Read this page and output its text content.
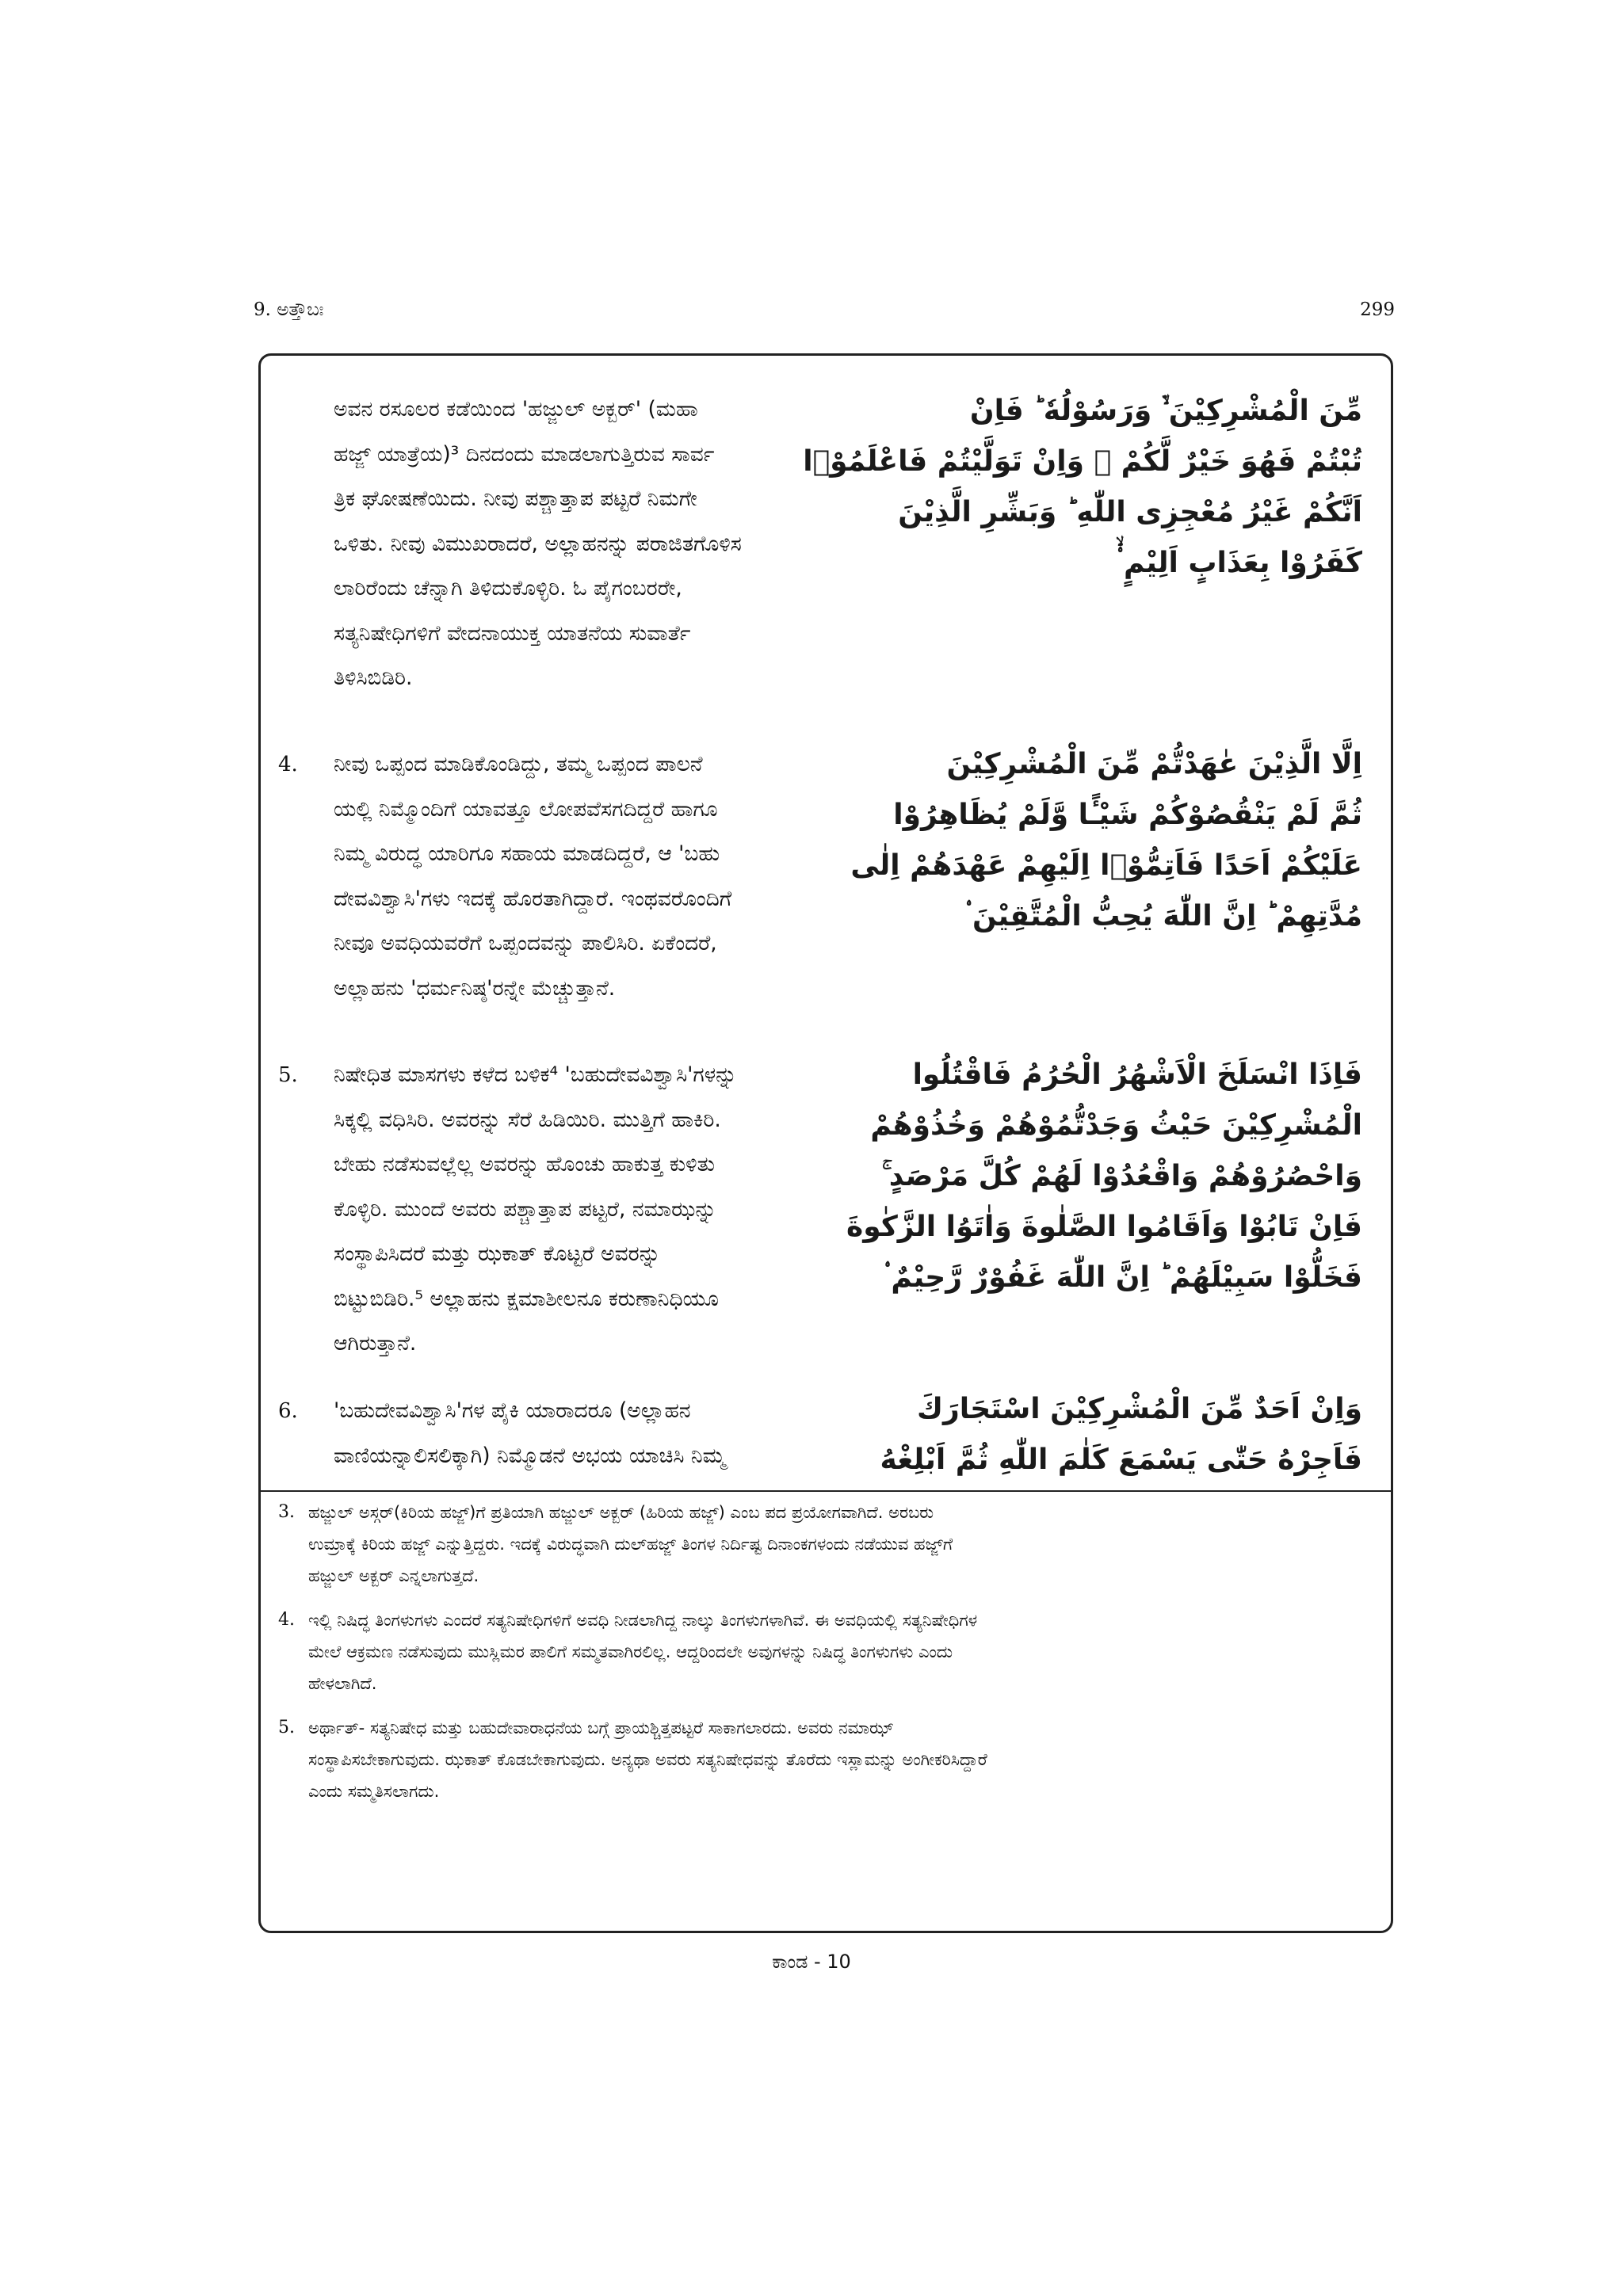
9. ಅತ್ತೌಬಃ	299
ಅವನ ರಸೂಲರ ಕಡೆಯಿಂದ 'ಹಜ್ಜುಲ್ ಅಕ್ಬರ್' (ಮಹಾ
ಹಜ್ಜ್ ಯಾತ್ರೆಯ)³ ದಿನದಂದು ಮಾಡಲಾಗುತ್ತಿರುವ ಸಾರ್ವ
ತ್ರಿಕ ಘೋಷಣೆಯಿದು. ನೀವು ಪಶ್ಚಾತ್ತಾಪ ಪಟ್ಟರೆ ನಿಮಗೇ
ಒಳಿತು. ನೀವು ವಿಮುಖರಾದರೆ, ಅಲ್ಲಾಹನನ್ನು ಪರಾಜಿತಗೊಳಿಸ
ಲಾರಿರೆಂದು ಚೆನ್ನಾಗಿ ತಿಳಿದುಕೊಳ್ಳಿರಿ. ಓ ಪೈಗಂಬರರೇ,
ಸತ್ಯನಿಷೇಧಿಗಳಿಗೆ ವೇದನಾಯುಕ್ತ ಯಾತನೆಯ ಸುವಾರ್ತೆ
ತಿಳಿಸಿಬಿಡಿರಿ.
مِّنَ الْمُشْرِكِيْنَ ۙ۬ وَرَسُوْلُهٗ ؕ فَاِنْ
تُبْتُمْ فَهُوَ خَيْرٌ لَّكُمْ ۚ وَاِنْ تَوَلَّيْتُمْ فَاعْلَمُوْۤا
اَنَّكُمْ غَيْرُ مُعْجِزِی اللّٰهِ ؕ وَبَشِّرِ الَّذِيْنَ
كَفَرُوْا بِعَذَابٍ اَلِيْمٍ ۟ۙ
4. ನೀವು ಒಪ್ಪಂದ ಮಾಡಿಕೊಂಡಿದ್ದು, ತಮ್ಮ ಒಪ್ಪಂದ ಪಾಲನೆ
ಯಲ್ಲಿ ನಿಮ್ಮೊಂದಿಗೆ ಯಾವತ್ತೂ ಲೋಪವೆಸಗದಿದ್ದರೆ ಹಾಗೂ
ನಿಮ್ಮ ವಿರುದ್ಧ ಯಾರಿಗೂ ಸಹಾಯ ಮಾಡದಿದ್ದರೆ, ಆ 'ಬಹು
ದೇವವಿಶ್ವಾಸಿ'ಗಳು ಇದಕ್ಕೆ ಹೊರತಾಗಿದ್ದಾರೆ. ಇಂಥವರೊಂದಿಗೆ
ನೀವೂ ಅವಧಿಯವರೆಗೆ ಒಪ್ಪಂದವನ್ನು ಪಾಲಿಸಿರಿ. ಏಕೆಂದರೆ,
ಅಲ್ಲಾಹನು 'ಧರ್ಮನಿಷ್ಠ'ರನ್ನೇ ಮೆಚ್ಚುತ್ತಾನೆ.
اِلَّا الَّذِيْنَ عٰهَدْتُّمْ مِّنَ الْمُشْرِكِيْنَ
ثُمَّ لَمْ يَنْقُصُوْكُمْ شَيْـًٔا وَّلَمْ يُظَاهِرُوْا
عَلَيْكُمْ اَحَدًا فَاَتِمُّوْۤا اِلَيْهِمْ عَهْدَهُمْ اِلٰى
مُدَّتِهِمْ ؕ اِنَّ اللّٰهَ يُحِبُّ الْمُتَّقِيْنَ ۟
5. ನಿಷೇಧಿತ ಮಾಸಗಳು ಕಳೆದ ಬಳಿಕ⁴ 'ಬಹುದೇವವಿಶ್ವಾಸಿ'ಗಳನ್ನು
ಸಿಕ್ಕಲ್ಲಿ ವಧಿಸಿರಿ. ಅವರನ್ನು ಸೆರೆ ಹಿಡಿಯಿರಿ. ಮುತ್ತಿಗೆ ಹಾಕಿರಿ.
ಬೇಹು ನಡೆಸುವಲ್ಲೆಲ್ಲ ಅವರನ್ನು ಹೊಂಚು ಹಾಕುತ್ತ ಕುಳಿತು
ಕೊಳ್ಳಿರಿ. ಮುಂದೆ ಅವರು ಪಶ್ಚಾತ್ತಾಪ ಪಟ್ಟರೆ, ನಮಾಝನ್ನು
ಸಂಸ್ಥಾಪಿಸಿದರೆ ಮತ್ತು ಝಕಾತ್ ಕೊಟ್ಟರೆ ಅವರನ್ನು
ಬಿಟ್ಟುಬಿಡಿರಿ.⁵ ಅಲ್ಲಾಹನು ಕ್ಷಮಾಶೀಲನೂ ಕರುಣಾನಿಧಿಯೂ
ಆಗಿರುತ್ತಾನೆ.
فَاِذَا انْسَلَخَ الْاَشْهُرُ الْحُرُمُ فَاقْتُلُوا
الْمُشْرِكِيْنَ حَيْثُ وَجَدْتُّمُوْهُمْ وَخُذُوْهُمْ
وَاحْصُرُوْهُمْ وَاقْعُدُوْا لَهُمْ كُلَّ مَرْصَدٍ ۚ
فَاِنْ تَابُوْا وَاَقَامُوا الصَّلٰوةَ وَاٰتَوُا الزَّكٰوةَ
فَخَلُّوْا سَبِيْلَهُمْ ؕ اِنَّ اللّٰهَ غَفُوْرٌ رَّحِيْمٌ ۟
6. 'ಬಹುದೇವವಿಶ್ವಾಸಿ'ಗಳ ಪೈಕಿ ಯಾರಾದರೂ (ಅಲ್ಲಾಹನ
ವಾಣಿಯನ್ನಾಲಿಸಲಿಕ್ಕಾಗಿ) ನಿಮ್ಮೊಡನೆ ಅಭಯ ಯಾಚಿಸಿ ನಿಮ್ಮ
وَاِنْ اَحَدٌ مِّنَ الْمُشْرِكِيْنَ اسْتَجَارَكَ
فَاَجِرْهُ حَتّٰى يَسْمَعَ كَلٰمَ اللّٰهِ ثُمَّ اَبْلِغْهُ
3. ಹಜ್ಜುಲ್ ಅಸ್ಗರ್(ಕಿರಿಯ ಹಜ್ಜ್)ಗೆ ಪ್ರತಿಯಾಗಿ ಹಜ್ಜುಲ್ ಅಕ್ಬರ್ (ಹಿರಿಯ ಹಜ್ಜ್) ಎಂಬ ಪದ ಪ್ರಯೋಗವಾಗಿದೆ. ಅರಬರು
ಉಮ್ರಾಕ್ಕೆ ಕಿರಿಯ ಹಜ್ಜ್ ಎನ್ನುತ್ತಿದ್ದರು. ಇದಕ್ಕೆ ವಿರುದ್ಧವಾಗಿ ದುಲ್‌ಹಜ್ಜ್ ತಿಂಗಳ ನಿರ್ದಿಷ್ಟ ದಿನಾಂಕಗಳಂದು ನಡೆಯುವ ಹಜ್ಜ್‌ಗೆ
ಹಜ್ಜುಲ್ ಅಕ್ಬರ್ ಎನ್ನಲಾಗುತ್ತದೆ.
4. ಇಲ್ಲಿ ನಿಷಿದ್ಧ ತಿಂಗಳುಗಳು ಎಂದರೆ ಸತ್ಯನಿಷೇಧಿಗಳಿಗೆ ಅವಧಿ ನೀಡಲಾಗಿದ್ದ ನಾಲ್ಕು ತಿಂಗಳುಗಳಾಗಿವೆ. ಈ ಅವಧಿಯಲ್ಲಿ ಸತ್ಯನಿಷೇಧಿಗಳ
ಮೇಲೆ ಆಕ್ರಮಣ ನಡೆಸುವುದು ಮುಸ್ಲಿಮರ ಪಾಲಿಗೆ ಸಮ್ಮತವಾಗಿರಲಿಲ್ಲ. ಆದ್ದರಿಂದಲೇ ಅವುಗಳನ್ನು ನಿಷಿದ್ಧ ತಿಂಗಳುಗಳು ಎಂದು
ಹೇಳಲಾಗಿದೆ.
5. ಅರ್ಥಾತ್- ಸತ್ಯನಿಷೇಧ ಮತ್ತು ಬಹುದೇವಾರಾಧನೆಯ ಬಗ್ಗೆ ಪ್ರಾಯಶ್ಚಿತ್ತಪಟ್ಟರೆ ಸಾಕಾಗಲಾರದು. ಅವರು ನಮಾಝ್
ಸಂಸ್ಥಾಪಿಸಬೇಕಾಗುವುದು. ಝಕಾತ್ ಕೊಡಬೇಕಾಗುವುದು. ಅನ್ಯಥಾ ಅವರು ಸತ್ಯನಿಷೇಧವನ್ನು ತೊರೆದು ಇಸ್ಲಾಮನ್ನು ಅಂಗೀಕರಿಸಿದ್ದಾರೆ
ಎಂದು ಸಮ್ಮತಿಸಲಾಗದು.
ಕಾಂಡ - 10
